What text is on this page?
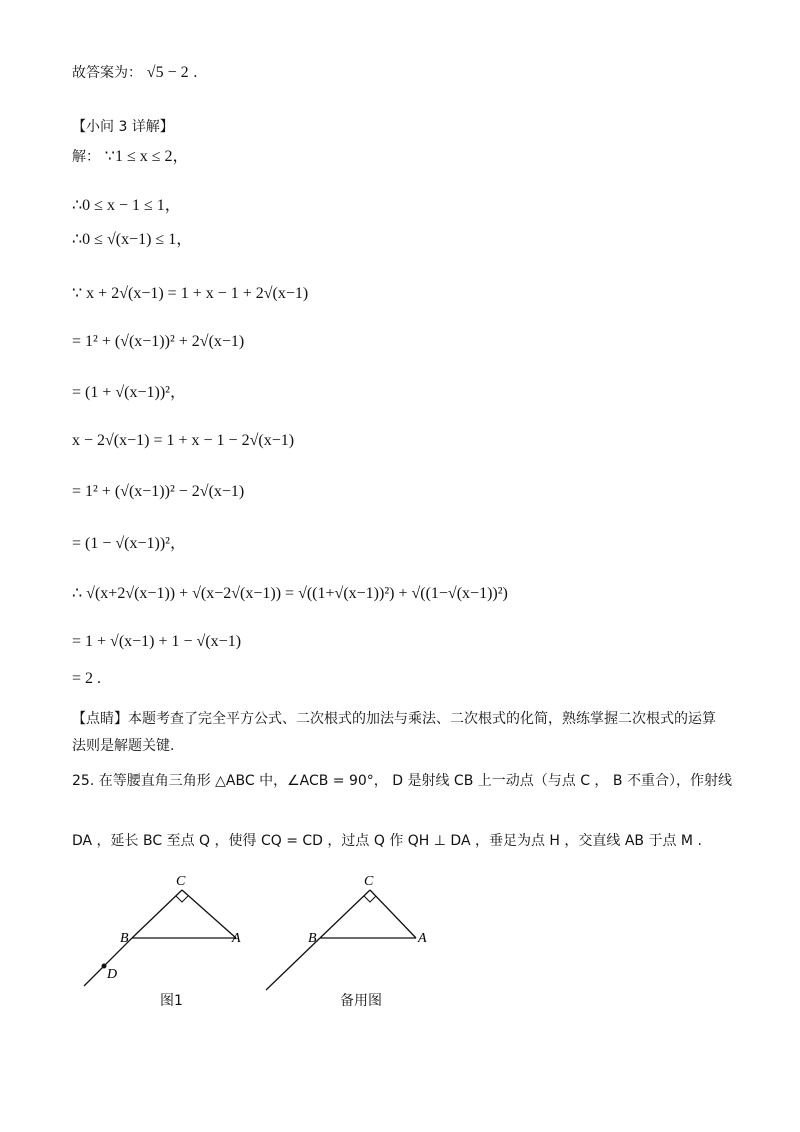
故答案为： √5 − 2 .
【小问 3 详解】
解： ∵1 ≤ x ≤ 2，
∴0 ≤ x − 1 ≤ 1，
∴0 ≤ √(x−1) ≤ 1，
∵ x + 2√(x−1) = 1 + x − 1 + 2√(x−1)
= 1² + (√(x−1))² + 2√(x−1)
= (1 + √(x−1))²，
x − 2√(x−1) = 1 + x − 1 − 2√(x−1)
= 1² + (√(x−1))² − 2√(x−1)
= (1 − √(x−1))²，
∴ √(x+2√(x−1)) + √(x−2√(x−1)) = √((1+√(x−1))²) + √((1−√(x−1))²)
= 1 + √(x−1) + 1 − √(x−1)
= 2 .
【点睛】本题考查了完全平方公式、二次根式的加法与乘法、二次根式的化简，熟练掌握二次根式的运算
法则是解题关键.
25. 在等腰直角三角形 △ABC 中，∠ACB = 90°， D 是射线 CB 上一动点（与点 C ， B 不重合），作射线
DA ，延长 BC 至点 Q ，使得 CQ = CD ，过点 Q 作 QH ⊥ DA ，垂足为点 H ，交直线 AB 于点 M .
C
B	A
D
图1
C
B	A
备用图
